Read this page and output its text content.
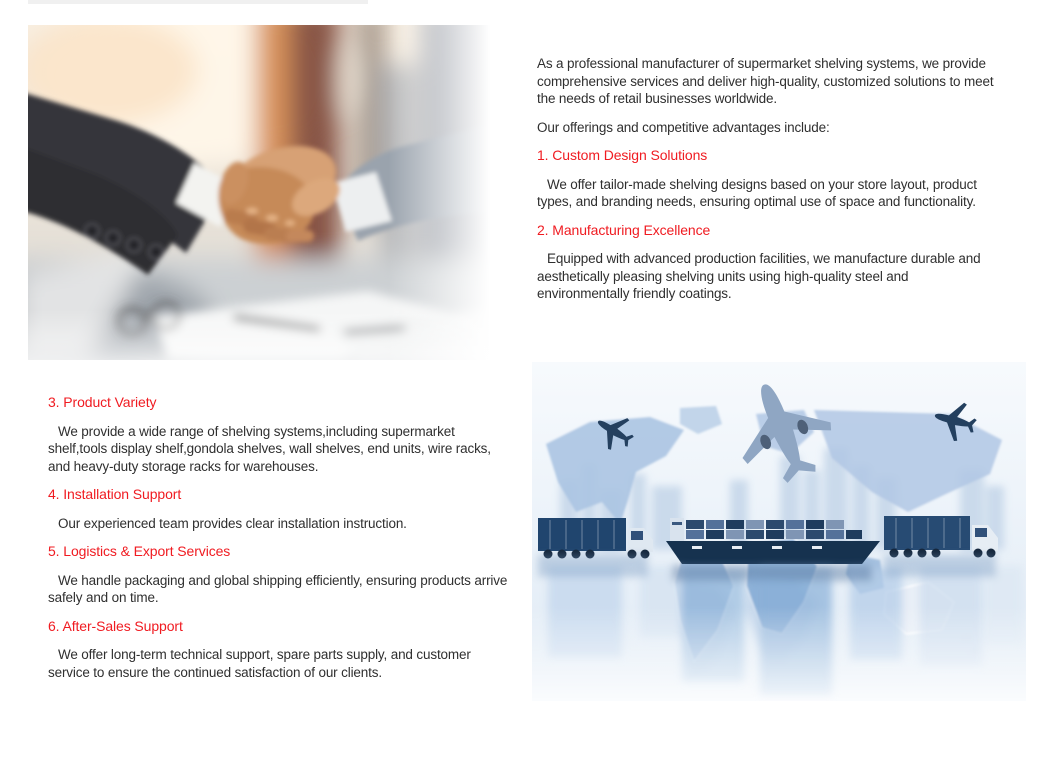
As a professional manufacturer of supermarket shelving systems, we provide comprehensive services and deliver high-quality, customized solutions to meet the needs of retail businesses worldwide.

Our offerings and competitive advantages include:

1. Custom Design Solutions

We offer tailor-made shelving designs based on your store layout, product types, and branding needs, ensuring optimal use of space and functionality.

2. Manufacturing Excellence

Equipped with advanced production facilities, we manufacture durable and aesthetically pleasing shelving units using high-quality steel and environmentally friendly coatings.

3. Product Variety

We provide a wide range of shelving systems,including supermarket shelf,tools display shelf,gondola shelves, wall shelves, end units, wire racks, and heavy-duty storage racks for warehouses.

4. Installation Support

Our experienced team provides clear installation instruction.

5. Logistics & Export Services

We handle packaging and global shipping efficiently, ensuring products arrive safely and on time.

6. After-Sales Support

We offer long-term technical support, spare parts supply, and customer service to ensure the continued satisfaction of our clients.
